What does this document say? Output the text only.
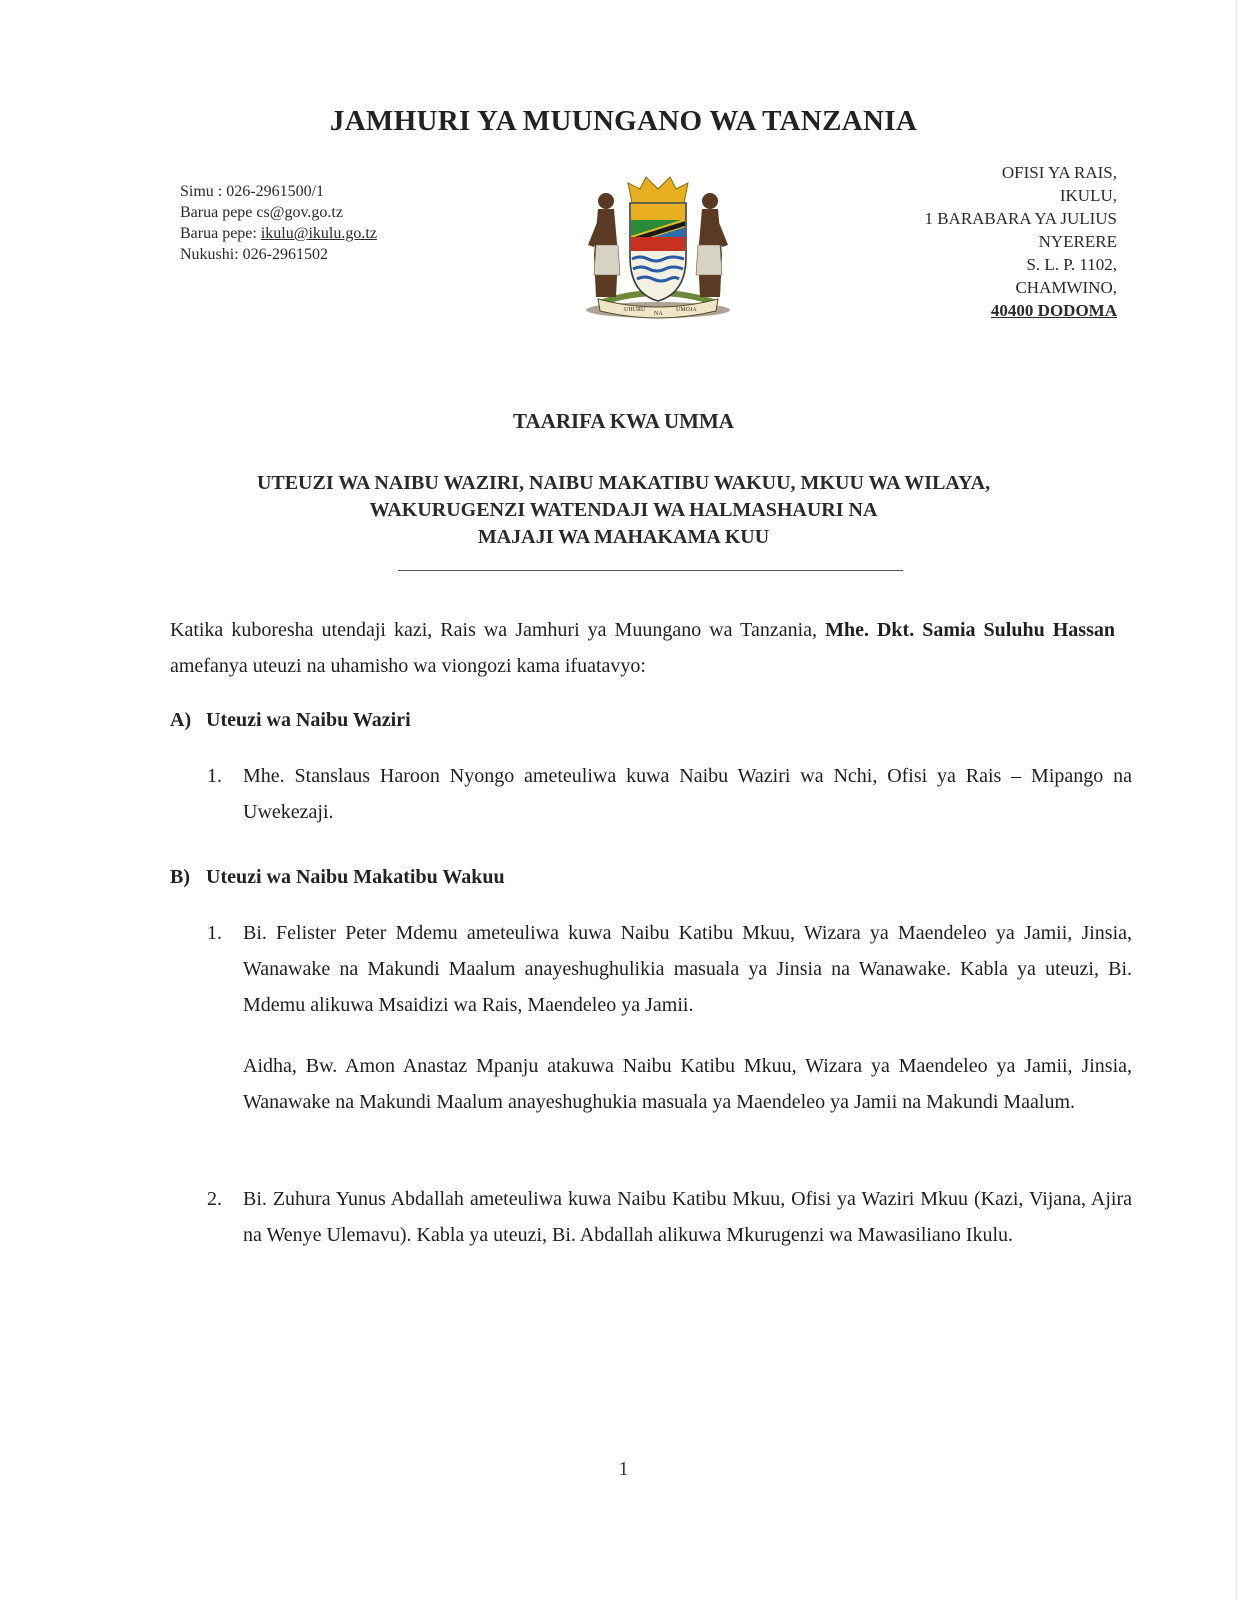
JAMHURI YA MUUNGANO WA TANZANIA
Simu : 026-2961500/1
Barua pepe cs@gov.go.tz
Barua pepe: ikulu@ikulu.go.tz
Nukushi: 026-2961502
UHURU
NA
UMOJA
OFISI YA RAIS,
IKULU,
1 BARABARA YA JULIUS
NYERERE
S. L. P. 1102,
CHAMWINO,
40400 DODOMA
TAARIFA KWA UMMA
UTEUZI WA NAIBU WAZIRI, NAIBU MAKATIBU WAKUU, MKUU WA WILAYA,
WAKURUGENZI WATENDAJI WA HALMASHAURI NA
MAJAJI WA MAHAKAMA KUU
Katika kuboresha utendaji kazi, Rais wa Jamhuri ya Muungano wa Tanzania, Mhe. Dkt. Samia Suluhu Hassan amefanya uteuzi na uhamisho wa viongozi kama ifuatavyo:
A) Uteuzi wa Naibu Waziri
1. Mhe. Stanslaus Haroon Nyongo ameteuliwa kuwa Naibu Waziri wa Nchi, Ofisi ya Rais – Mipango na Uwekezaji.
B) Uteuzi wa Naibu Makatibu Wakuu
1. Bi. Felister Peter Mdemu ameteuliwa kuwa Naibu Katibu Mkuu, Wizara ya Maendeleo ya Jamii, Jinsia, Wanawake na Makundi Maalum anayeshughulikia masuala ya Jinsia na Wanawake. Kabla ya uteuzi, Bi. Mdemu alikuwa Msaidizi wa Rais, Maendeleo ya Jamii.
Aidha, Bw. Amon Anastaz Mpanju atakuwa Naibu Katibu Mkuu, Wizara ya Maendeleo ya Jamii, Jinsia, Wanawake na Makundi Maalum anayeshughukia masuala ya Maendeleo ya Jamii na Makundi Maalum.
2. Bi. Zuhura Yunus Abdallah ameteuliwa kuwa Naibu Katibu Mkuu, Ofisi ya Waziri Mkuu (Kazi, Vijana, Ajira na Wenye Ulemavu). Kabla ya uteuzi, Bi. Abdallah alikuwa Mkurugenzi wa Mawasiliano Ikulu.
1
